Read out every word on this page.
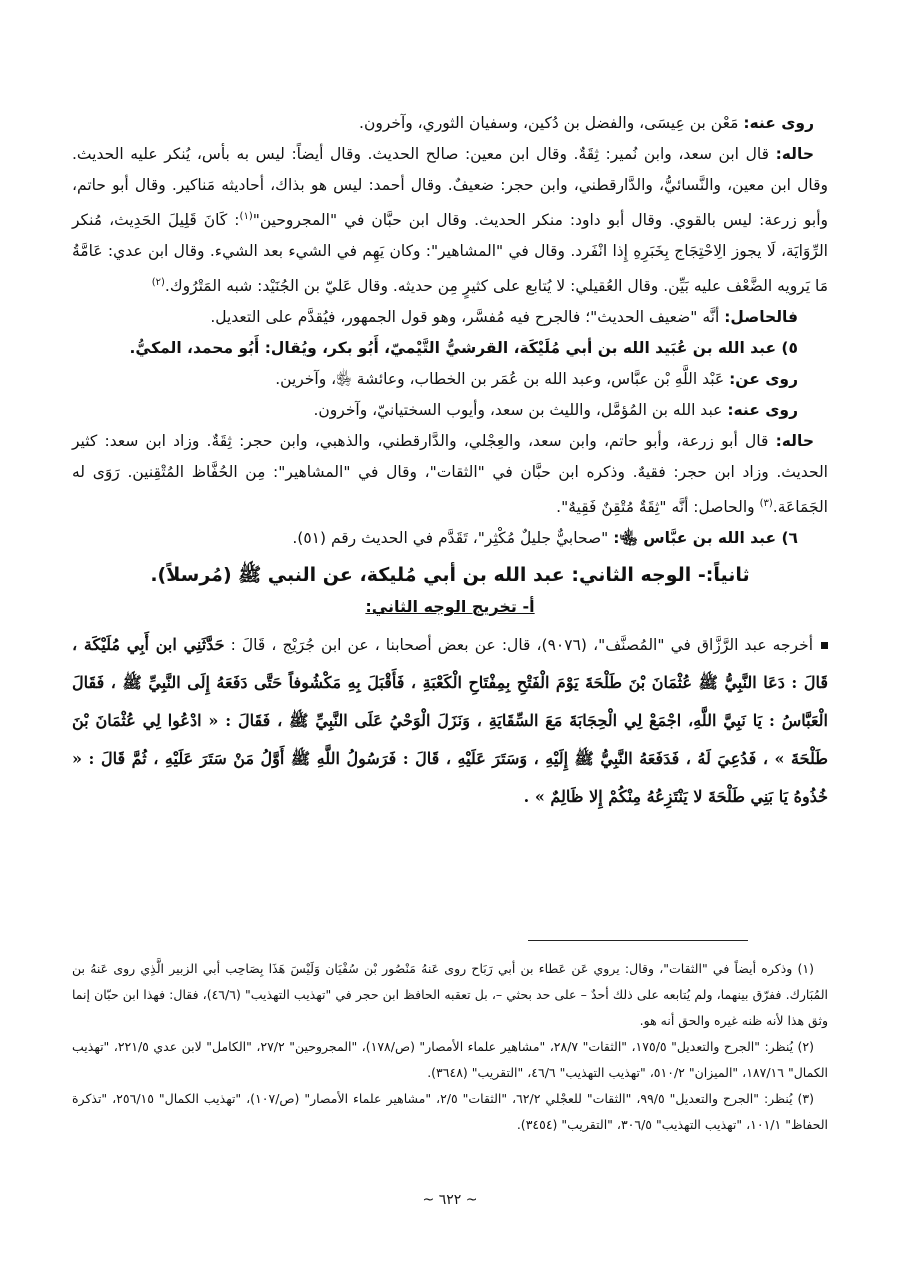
روى عنه: مَعْن بن عِيسَى، والفضل بن دُكين، وسفيان الثوري، وآخرون.

حاله: قال ابن سعد، وابن نُمير: ثِقَةٌ. وقال ابن معين: صالح الحديث. وقال أيضاً: ليس به بأس، يُنكر عليه الحديث. وقال ابن معين، والنَّسائيُّ، والدَّارقطني، وابن حجر: ضعيفٌ. وقال أحمد: ليس هو بذاك، أحاديثه مَناكير. وقال أبو حاتم، وأبو زرعة: ليس بالقوي. وقال أبو داود: منكر الحديث. وقال ابن حبَّان في "المجروحين"$^{(١)}$: كَانَ قَلِيلَ الحَدِيث، مُنكر الرِّوَايَة، لَا يجوز الِاحْتِجَاج بِخَبَرِهِ إِذا انْفَرد. وقال في "المشاهير": وكان يَهِم في الشيء بعد الشيء. وقال ابن عدي: عَامَّةُ مَا يَرويه الضَّعْف عليه بَيِّن. وقال العُقيلي: لا يُتابع على كثيرٍ مِن حديثه. وقال عَليّ بن الجُنَيْد: شبه المَتْرُوك.$^{(٢)}$

فالحاصل: أنَّه "ضعيف الحديث"؛ فالجرح فيه مُفسَّر، وهو قول الجمهور، فيُقدَّم على التعديل.

٥) عبد الله بن عُبَيد الله بن أبي مُلَيْكَة، القرشيُّ التَّيْميّ، أَبُو بكر، ويُقال: أَبُو محمد، المكيُّ.

روى عن: عَبْد اللَّهِ بْن عبَّاس، وعبد الله بن عُمَر بن الخطاب، وعائشة ﵂، وآخرين.

روى عنه: عبد الله بن المُؤمَّل، والليث بن سعد، وأيوب السختيانيّ، وآخرون.

حاله: قال أبو زرعة، وأبو حاتم، وابن سعد، والعِجْلي، والدَّارقطني، والذهبي، وابن حجر: ثِقَةٌ. وزاد ابن سعد: كثير الحديث. وزاد ابن حجر: فقيهٌ. وذكره ابن حبَّان في "الثقات"، وقال في "المشاهير": مِن الحُفَّاظ المُتْقِنين. رَوَى له الجَمَاعَة.$^{(٣)}$ والحاصل: أنَّه "ثِقَةٌ مُتْقِنٌ فَقِيهٌ".

٦) عبد الله بن عبَّاس ﵄: "صحابيٌّ جليلٌ مُكْثِر"، تَقَدَّم في الحديث رقم (٥١).

ثانياً:- الوجه الثاني: عبد الله بن أبي مُليكة، عن النبي ﷺ (مُرسلاً).

أ- تخريج الوجه الثاني:

أخرجه عبد الرَّزَّاق في "المُصنَّف"، (٩٠٧٦)، قال: عن بعض أصحابنا ، عن ابن جُرَيْج ، قَالَ : حَدَّثَنِي ابن أَبِي مُلَيْكَة ، قَالَ : دَعَا النَّبِيُّ ﷺ عُثْمَانَ بْنَ طَلْحَةَ يَوْمَ الْفَتْحِ بِمِفْتَاحِ الْكَعْبَةِ ، فَأَقْبَلَ بِهِ مَكْشُوفاً حَتَّى دَفَعَهُ إِلَى النَّبِيِّ ﷺ ، فَقَالَ الْعَبَّاسُ : يَا نَبِيَّ اللَّهِ، اجْمَعْ لِي الْحِجَابَةَ مَعَ السِّقَايَةِ ، وَنَزَلَ الْوَحْيُ عَلَى النَّبِيِّ ﷺ ، فَقَالَ : « ادْعُوا لِي عُثْمَانَ بْنَ طَلْحَةَ » ، فَدُعِيَ لَهُ ، فَدَفَعَهُ النَّبِيُّ ﷺ إِلَيْهِ ، وَسَتَرَ عَلَيْهِ ، قَالَ : فَرَسُولُ اللَّهِ ﷺ أَوَّلُ مَنْ سَتَرَ عَلَيْهِ ، ثُمَّ قَالَ : « خُذُوهُ يَا بَنِي طَلْحَةَ لا يَنْتَزِعُهُ مِنْكُمْ إِلا ظَالِمٌ » .

(١) وذكره أيضاً في "الثقات"، وقال: يروي عَن عَطاء بن أبي رَبَاح روى عَنهُ مَنْصُور بْن سُفْيَان وَلَيْسَ هَذَا بِصَاحِب أبي الزبير الَّذِي روى عَنهُ بن المُبَارك. ففرّق بينهما، ولم يُتابعه على ذلك أحدٌ – على حد بحثي –، بل تعقبه الحافظ ابن حجر في "تهذيب التهذيب" (٤٦/٦)، فقال: فهذا ابن حبّان إنما وثق هذا لأنه ظنه غيره والحق أنه هو.

(٢) يُنظر: "الجرح والتعديل" ١٧٥/٥، "الثقات" ٢٨/٧، "مشاهير علماء الأمصار" (ص/١٧٨)، "المجروحين" ٢٧/٢، "الكامل" لابن عدي ٢٢١/٥، "تهذيب الكمال" ١٨٧/١٦، "الميزان" ٥١٠/٢، "تهذيب التهذيب" ٤٦/٦، "التقريب" (٣٦٤٨).

(٣) يُنظر: "الجرح والتعديل" ٩٩/٥، "الثقات" للعجْلي ٦٢/٢، "الثقات" ٢/٥، "مشاهير علماء الأمصار" (ص/١٠٧)، "تهذيب الكمال" ٢٥٦/١٥، "تذكرة الحفاظ" ١٠١/١، "تهذيب التهذيب" ٣٠٦/٥، "التقريب" (٣٤٥٤).

~ ٦٢٢ ~
